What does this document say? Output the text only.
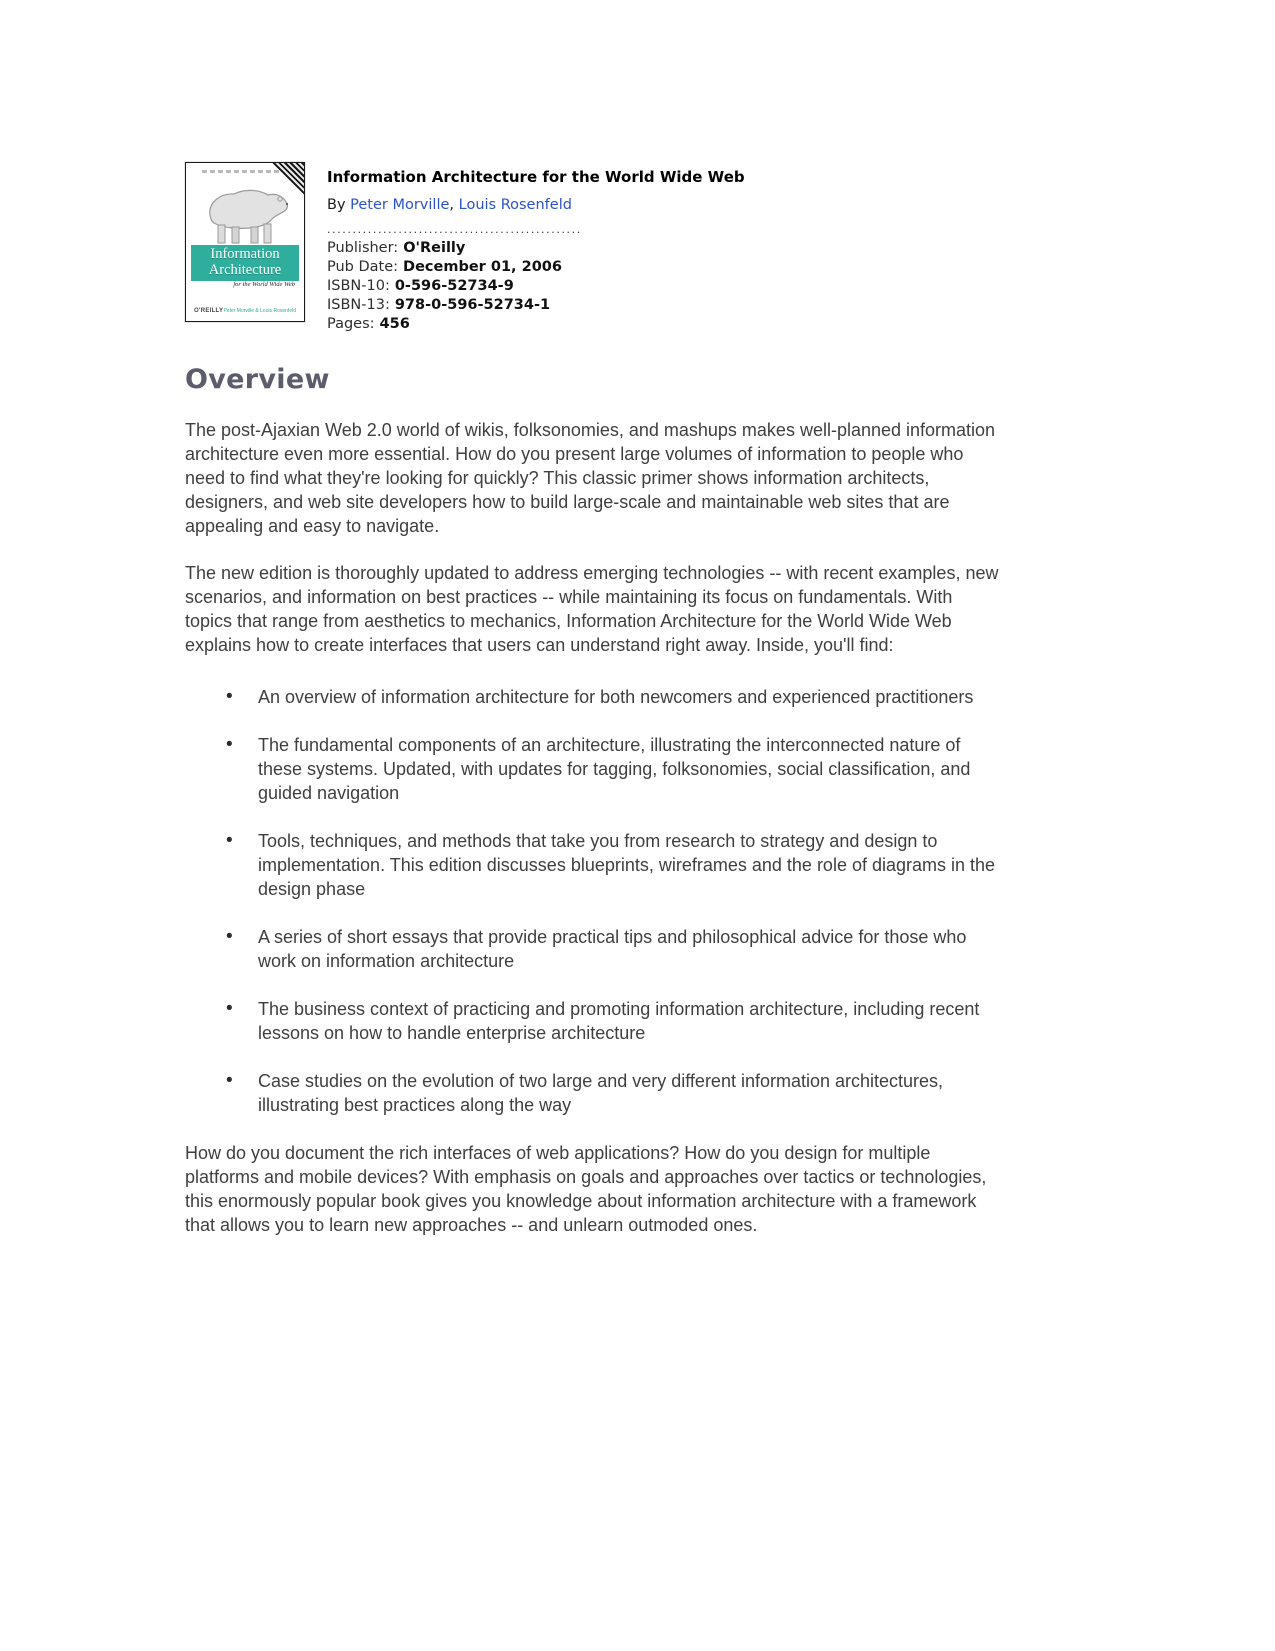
Information
Architecture
for the World Wide Web
O'REILLY Peter Morville & Louis Rosenfeld
Information Architecture for the World Wide Web
By Peter Morville, Louis Rosenfeld
..................................................
Publisher: O'Reilly
Pub Date: December 01, 2006
ISBN-10: 0-596-52734-9
ISBN-13: 978-0-596-52734-1
Pages: 456
Overview

The post-Ajaxian Web 2.0 world of wikis, folksonomies, and mashups makes well-planned information architecture even more essential. How do you present large volumes of information to people who need to find what they're looking for quickly? This classic primer shows information architects, designers, and web site developers how to build large-scale and maintainable web sites that are appealing and easy to navigate.

The new edition is thoroughly updated to address emerging technologies -- with recent examples, new scenarios, and information on best practices -- while maintaining its focus on fundamentals. With topics that range from aesthetics to mechanics, Information Architecture for the World Wide Web explains how to create interfaces that users can understand right away. Inside, you'll find:

• An overview of information architecture for both newcomers and experienced practitioners
• The fundamental components of an architecture, illustrating the interconnected nature of these systems. Updated, with updates for tagging, folksonomies, social classification, and guided navigation
• Tools, techniques, and methods that take you from research to strategy and design to implementation. This edition discusses blueprints, wireframes and the role of diagrams in the design phase
• A series of short essays that provide practical tips and philosophical advice for those who work on information architecture
• The business context of practicing and promoting information architecture, including recent lessons on how to handle enterprise architecture
• Case studies on the evolution of two large and very different information architectures, illustrating best practices along the way

How do you document the rich interfaces of web applications? How do you design for multiple platforms and mobile devices? With emphasis on goals and approaches over tactics or technologies, this enormously popular book gives you knowledge about information architecture with a framework that allows you to learn new approaches -- and unlearn outmoded ones.
